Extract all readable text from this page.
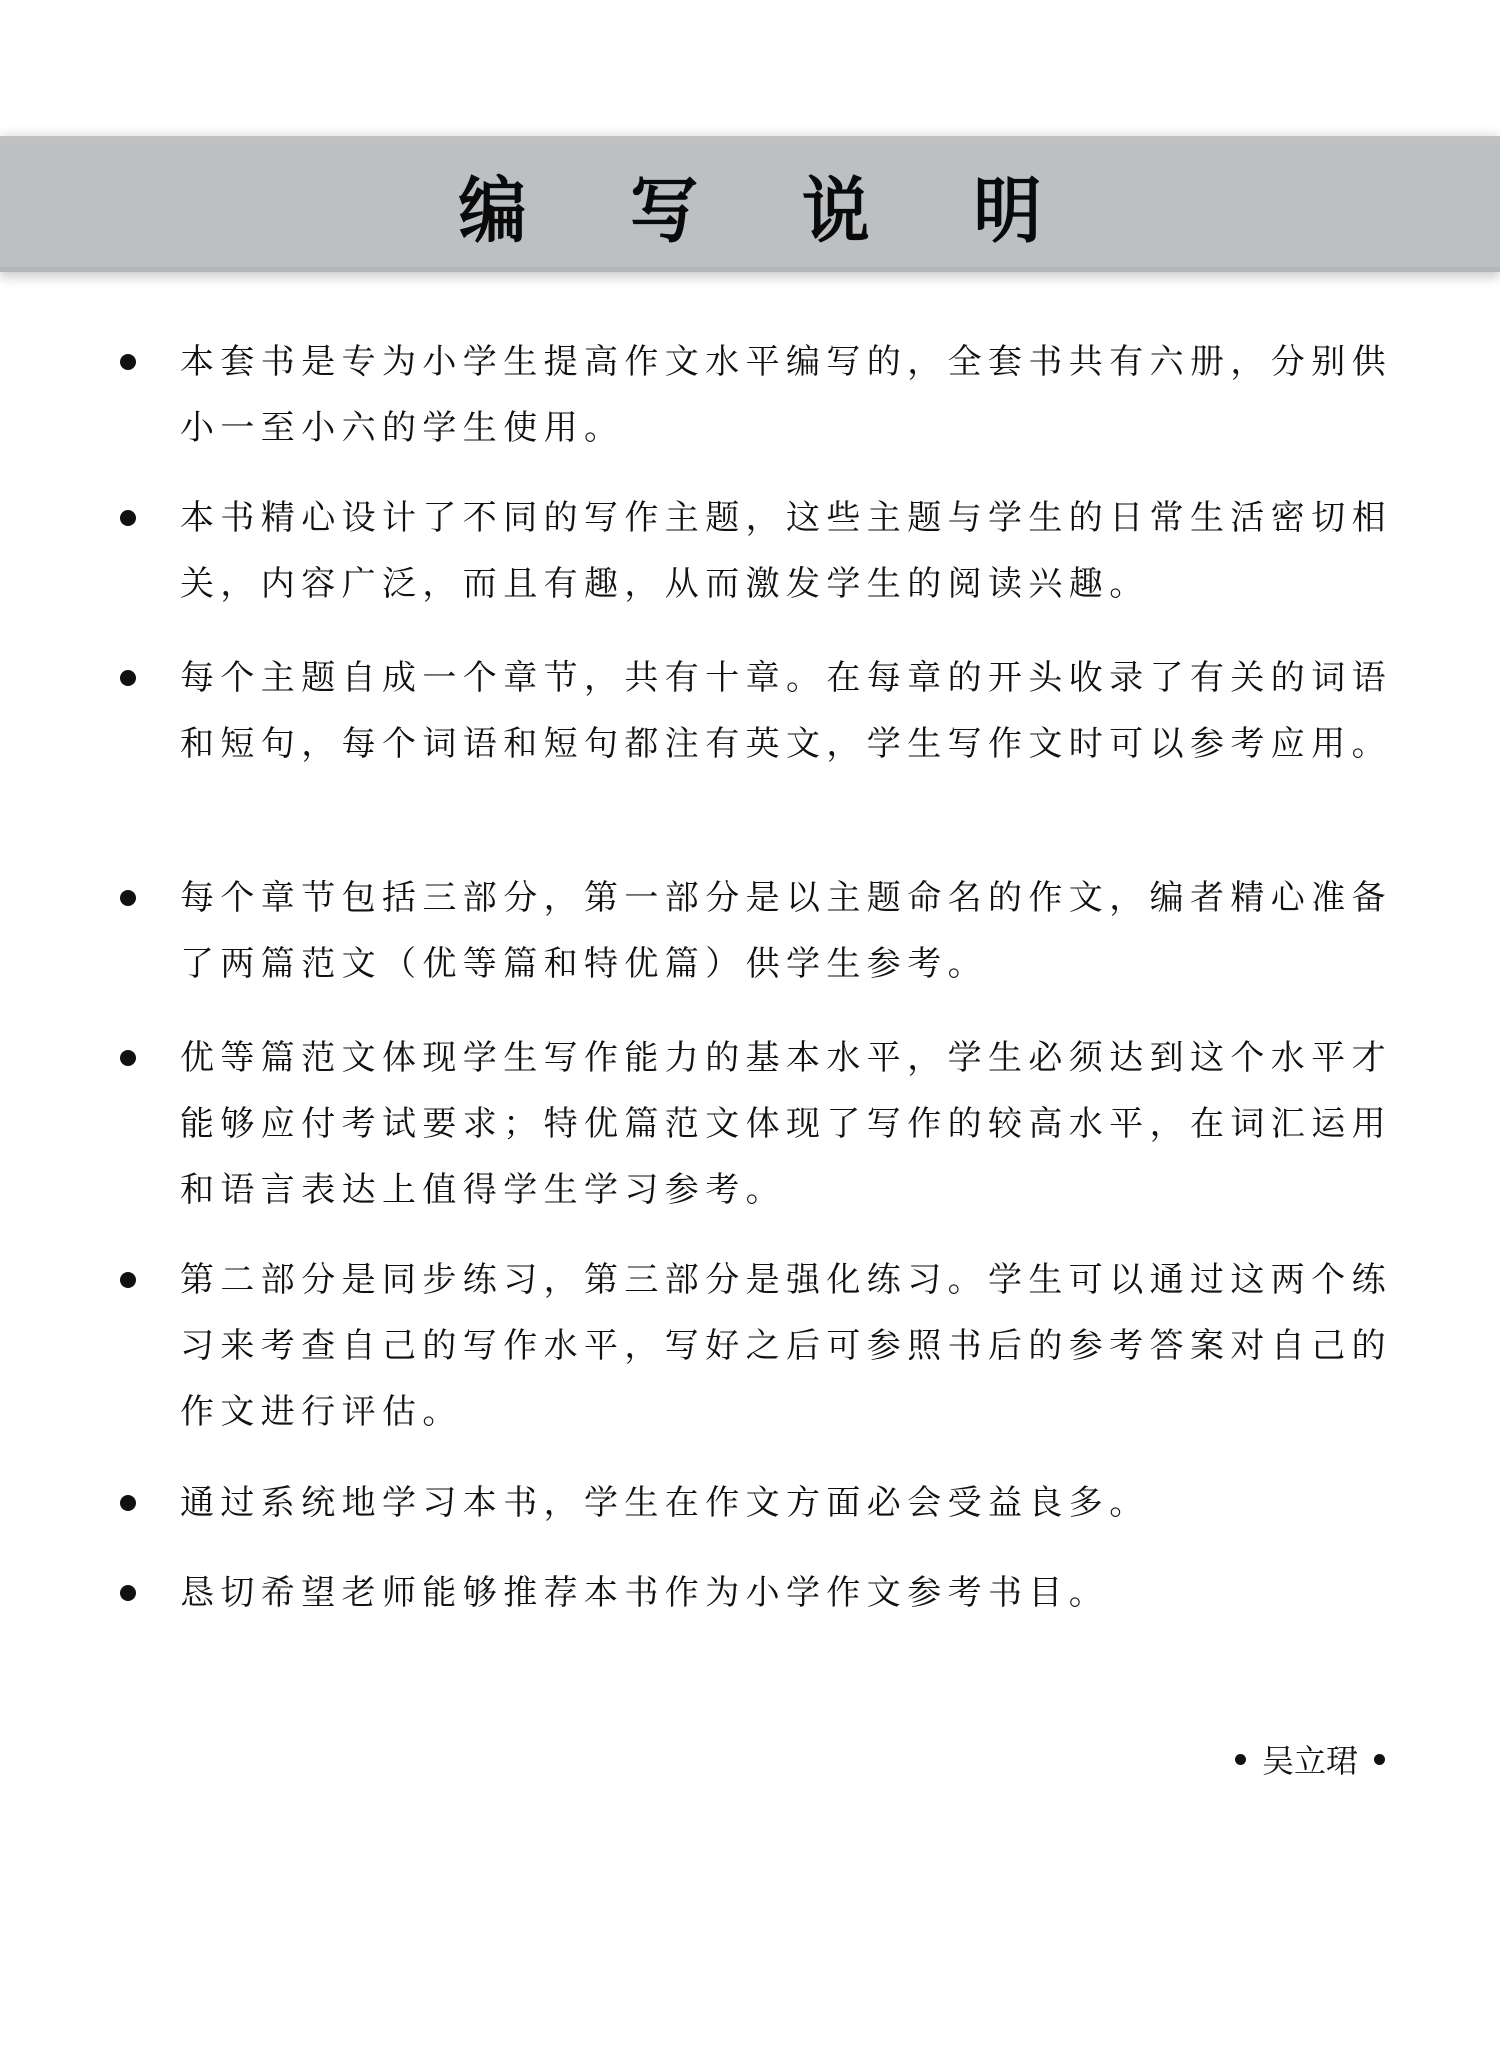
编 写 说 明
本套书是专为小学生提高作文水平编写的，全套书共有六册，分别供小一至小六的学生使用。
本书精心设计了不同的写作主题，这些主题与学生的日常生活密切相关，内容广泛，而且有趣，从而激发学生的阅读兴趣。
每个主题自成一个章节，共有十章。在每章的开头收录了有关的词语和短句，每个词语和短句都注有英文，学生写作文时可以参考应用。
每个章节包括三部分，第一部分是以主题命名的作文，编者精心准备了两篇范文（优等篇和特优篇）供学生参考。
优等篇范文体现学生写作能力的基本水平，学生必须达到这个水平才能够应付考试要求；特优篇范文体现了写作的较高水平，在词汇运用和语言表达上值得学生学习参考。
第二部分是同步练习，第三部分是强化练习。学生可以通过这两个练习来考查自己的写作水平，写好之后可参照书后的参考答案对自己的作文进行评估。
通过系统地学习本书，学生在作文方面必会受益良多。
恳切希望老师能够推荐本书作为小学作文参考书目。
吴立珺
